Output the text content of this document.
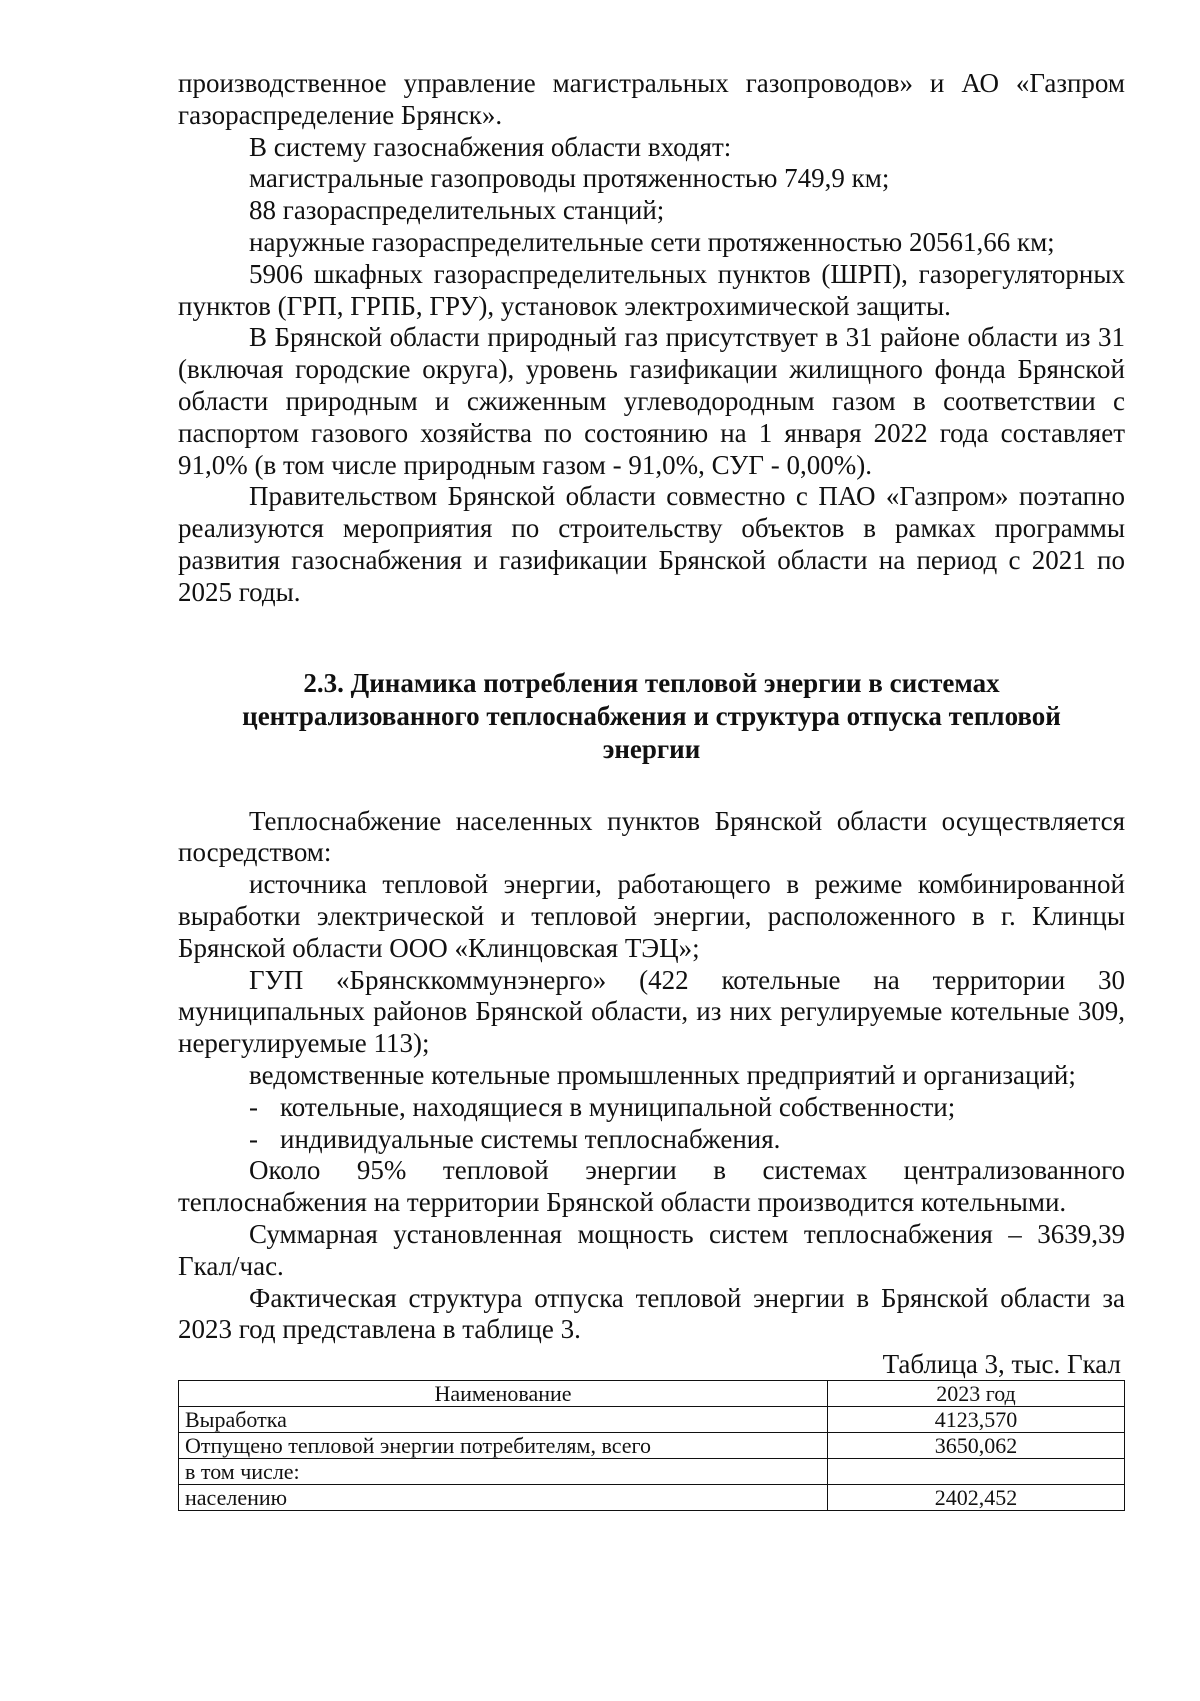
производственное управление магистральных газопроводов» и АО «Газпром газораспределение Брянск».

В систему газоснабжения области входят:

магистральные газопроводы протяженностью 749,9 км;

88 газораспределительных станций;

наружные газораспределительные сети протяженностью 20561,66 км;

5906 шкафных газораспределительных пунктов (ШРП), газорегуляторных пунктов (ГРП, ГРПБ, ГРУ), установок электрохимической защиты.

В Брянской области природный газ присутствует в 31 районе области из 31 (включая городские округа), уровень газификации жилищного фонда Брянской области природным и сжиженным углеводородным газом в соответствии с паспортом газового хозяйства по состоянию на 1 января 2022 года составляет 91,0% (в том числе природным газом - 91,0%, СУГ - 0,00%).

Правительством Брянской области совместно с ПАО «Газпром» поэтапно реализуются мероприятия по строительству объектов в рамках программы развития газоснабжения и газификации Брянской области на период с 2021 по 2025 годы.

2.3. Динамика потребления тепловой энергии в системах централизованного теплоснабжения и структура отпуска тепловой энергии

Теплоснабжение населенных пунктов Брянской области осуществляется посредством:

источника тепловой энергии, работающего в режиме комбинированной выработки электрической и тепловой энергии, расположенного в г. Клинцы Брянской области ООО «Клинцовская ТЭЦ»;

ГУП «Брянсккоммунэнерго» (422 котельные на территории 30 муниципальных районов Брянской области, из них регулируемые котельные 309, нерегулируемые 113);

ведомственные котельные промышленных предприятий и организаций;

- котельные, находящиеся в муниципальной собственности;

- индивидуальные системы теплоснабжения.

Около 95% тепловой энергии в системах централизованного теплоснабжения на территории Брянской области производится котельными.

Суммарная установленная мощность систем теплоснабжения – 3639,39 Гкал/час.

Фактическая структура отпуска тепловой энергии в Брянской области за 2023 год представлена в таблице 3.

Таблица 3, тыс. Гкал

Наименование	2023 год
Выработка	4123,570
Отпущено тепловой энергии потребителям, всего	3650,062
в том числе:	
населению	2402,452
